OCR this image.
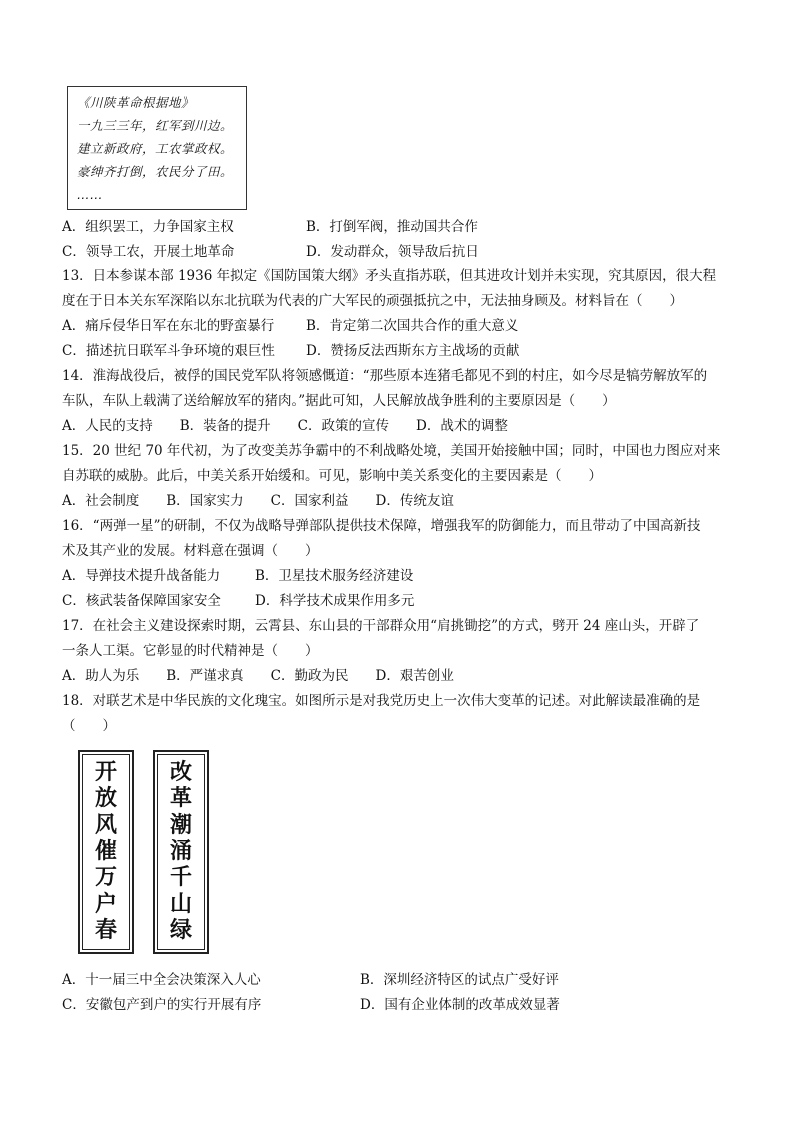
《川陕革命根据地》
一九三三年，红军到川边。
建立新政府，工农掌政权。
豪绅齐打倒，农民分了田。
……
A．组织罢工，力争国家主权	B．打倒军阀，推动国共合作
C．领导工农，开展土地革命	D．发动群众，领导敌后抗日
13．日本参谋本部 1936 年拟定《国防国策大纲》矛头直指苏联，但其进攻计划并未实现，究其原因，很大程
度在于日本关东军深陷以东北抗联为代表的广大军民的顽强抵抗之中，无法抽身顾及。材料旨在（　　）
A．痛斥侵华日军在东北的野蛮暴行 B．肯定第二次国共合作的重大意义
C．描述抗日联军斗争环境的艰巨性 D．赞扬反法西斯东方主战场的贡献
14．淮海战役后，被俘的国民党军队将领感慨道：“那些原本连猪毛都见不到的村庄，如今尽是犒劳解放军的
车队，车队上载满了送给解放军的猪肉。”据此可知，人民解放战争胜利的主要原因是（　　）
A．人民的支持　　B．装备的提升　　C．政策的宣传　　D．战术的调整
15．20 世纪 70 年代初，为了改变美苏争霸中的不利战略处境，美国开始接触中国；同时，中国也力图应对来
自苏联的威胁。此后，中美关系开始缓和。可见，影响中美关系变化的主要因素是（　　）
A．社会制度　　B．国家实力　　C．国家利益　　D．传统友谊
16．“两弹一星”的研制，不仅为战略导弹部队提供技术保障，增强我军的防御能力，而且带动了中国高新技
术及其产业的发展。材料意在强调（　　）
A．导弹技术提升战备能力	B．卫星技术服务经济建设
C．核武装备保障国家安全	D．科学技术成果作用多元
17．在社会主义建设探索时期，云霄县、东山县的干部群众用“肩挑锄挖”的方式，劈开 24 座山头，开辟了
一条人工渠。它彰显的时代精神是（　　）
A．助人为乐　　B．严谨求真　　C．勤政为民　　D．艰苦创业
18．对联艺术是中华民族的文化瑰宝。如图所示是对我党历史上一次伟大变革的记述。对此解读最准确的是
（　　）
开
放
风
催
万
户
春
改
革
潮
涌
千
山
绿
A．十一届三中全会决策深入人心	B．深圳经济特区的试点广受好评
C．安徽包产到户的实行开展有序	D．国有企业体制的改革成效显著
